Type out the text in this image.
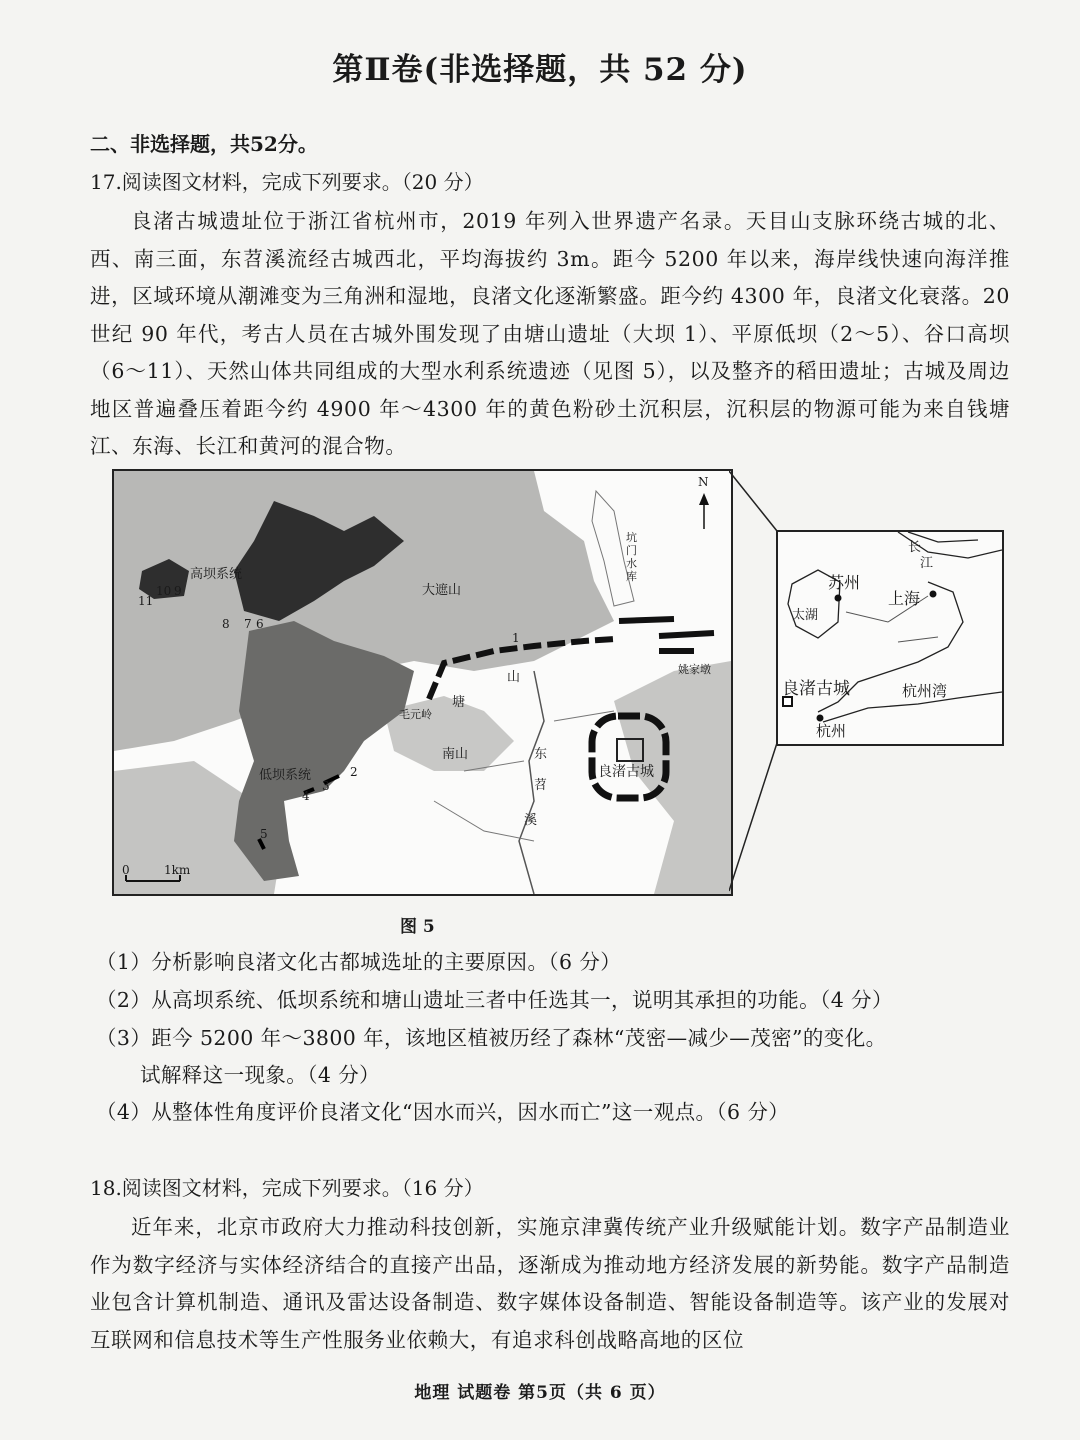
第Ⅱ卷(非选择题，共 52 分)
二、非选择题，共52分。
17.阅读图文材料，完成下列要求。（20 分）
良渚古城遗址位于浙江省杭州市，2019 年列入世界遗产名录。天目山支脉环绕古城的北、西、南三面，东苕溪流经古城西北，平均海拔约 3m。距今 5200 年以来，海岸线快速向海洋推进，区域环境从潮滩变为三角洲和湿地，良渚文化逐渐繁盛。距今约 4300 年，良渚文化衰落。20 世纪 90 年代，考古人员在古城外围发现了由塘山遗址（大坝 1）、平原低坝（2～5）、谷口高坝（6～11）、天然山体共同组成的大型水利系统遗迹（见图 5），以及整齐的稻田遗址；古城及周边地区普遍叠压着距今约 4900 年～4300 年的黄色粉砂土沉积层，沉积层的物源可能为来自钱塘江、东海、长江和黄河的混合物。
高坝系统
大遮山
低坝系统
塘
山
毛元岭
南山	东
苕
溪
良渚古城
姚家墩
坑门水库
N
0	1km
11
10 9
8 7 6
1
2
3
4
5
苏州
太湖
上海
长
江
良渚古城	杭州湾
杭州
图 5
（1）分析影响良渚文化古都城选址的主要原因。（6 分）
（2）从高坝系统、低坝系统和塘山遗址三者中任选其一，说明其承担的功能。（4 分）
（3）距今 5200 年～3800 年，该地区植被历经了森林“茂密—减少—茂密”的变化。
试解释这一现象。（4 分）
（4）从整体性角度评价良渚文化“因水而兴，因水而亡”这一观点。（6 分）
18.阅读图文材料，完成下列要求。（16 分）
近年来，北京市政府大力推动科技创新，实施京津冀传统产业升级赋能计划。数字产品制造业作为数字经济与实体经济结合的直接产出品，逐渐成为推动地方经济发展的新势能。数字产品制造业包含计算机制造、通讯及雷达设备制造、数字媒体设备制造、智能设备制造等。该产业的发展对互联网和信息技术等生产性服务业依赖大，有追求科创战略高地的区位
地理 试题卷 第5页（共 6 页）
